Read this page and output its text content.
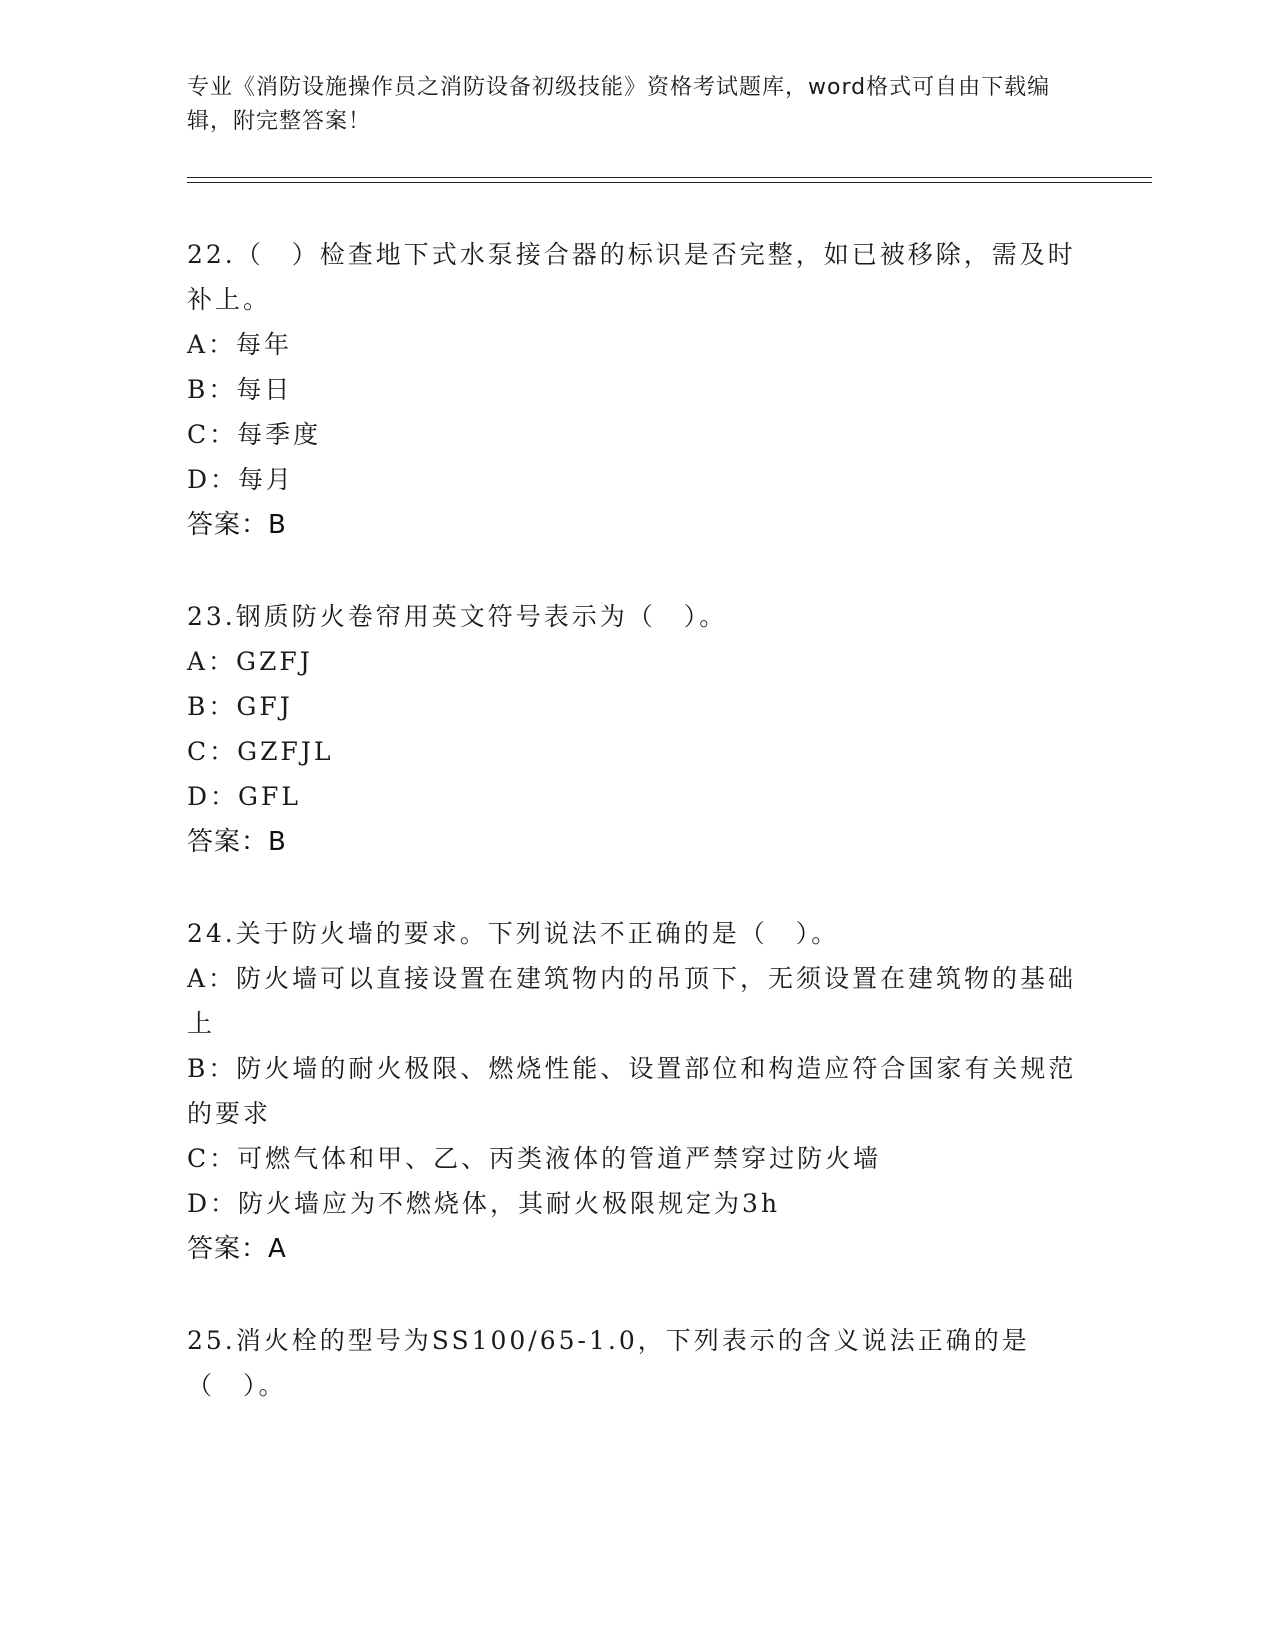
专业《消防设施操作员之消防设备初级技能》资格考试题库，word格式可自由下载编辑，附完整答案！

22.（　）检查地下式水泵接合器的标识是否完整，如已被移除，需及时补上。

A：每年

B：每日

C：每季度

D：每月

答案：B

23.钢质防火卷帘用英文符号表示为（　）。

A：GZFJ

B：GFJ

C：GZFJL

D：GFL

答案：B

24.关于防火墙的要求。下列说法不正确的是（　）。

A：防火墙可以直接设置在建筑物内的吊顶下，无须设置在建筑物的基础上

B：防火墙的耐火极限、燃烧性能、设置部位和构造应符合国家有关规范的要求

C：可燃气体和甲、乙、丙类液体的管道严禁穿过防火墙

D：防火墙应为不燃烧体，其耐火极限规定为3h

答案：A

25.消火栓的型号为SS100/65-1.0，下列表示的含义说法正确的是（　）。
